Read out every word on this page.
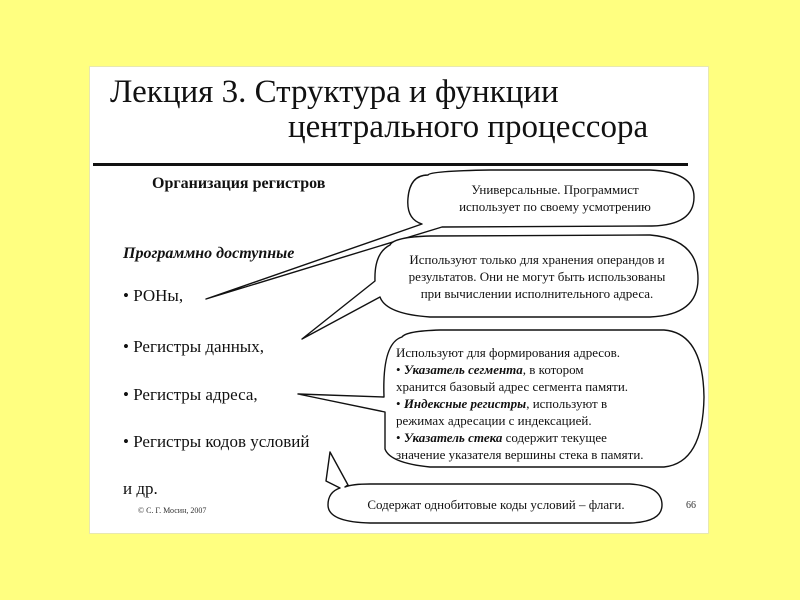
Лекция 3. Структура и функции
центрального процессора
Организация регистров
Программно доступные
• РОНы,
• Регистры данных,
• Регистры адреса,
• Регистры кодов условий
и др.
Универсальные. Программист
использует по своему усмотрению
Используют только для хранения операндов и
результатов. Они не могут быть использованы
при вычислении исполнительного адреса.
Используют для формирования адресов.
• Указатель сегмента, в котором
хранится базовый адрес сегмента памяти.
• Индексные регистры, используют в
режимах адресации с индексацией.
• Указатель стека содержит текущее
значение указателя вершины стека в памяти.
Содержат однобитовые коды условий – флаги.
© С. Г. Мосин, 2007	66
